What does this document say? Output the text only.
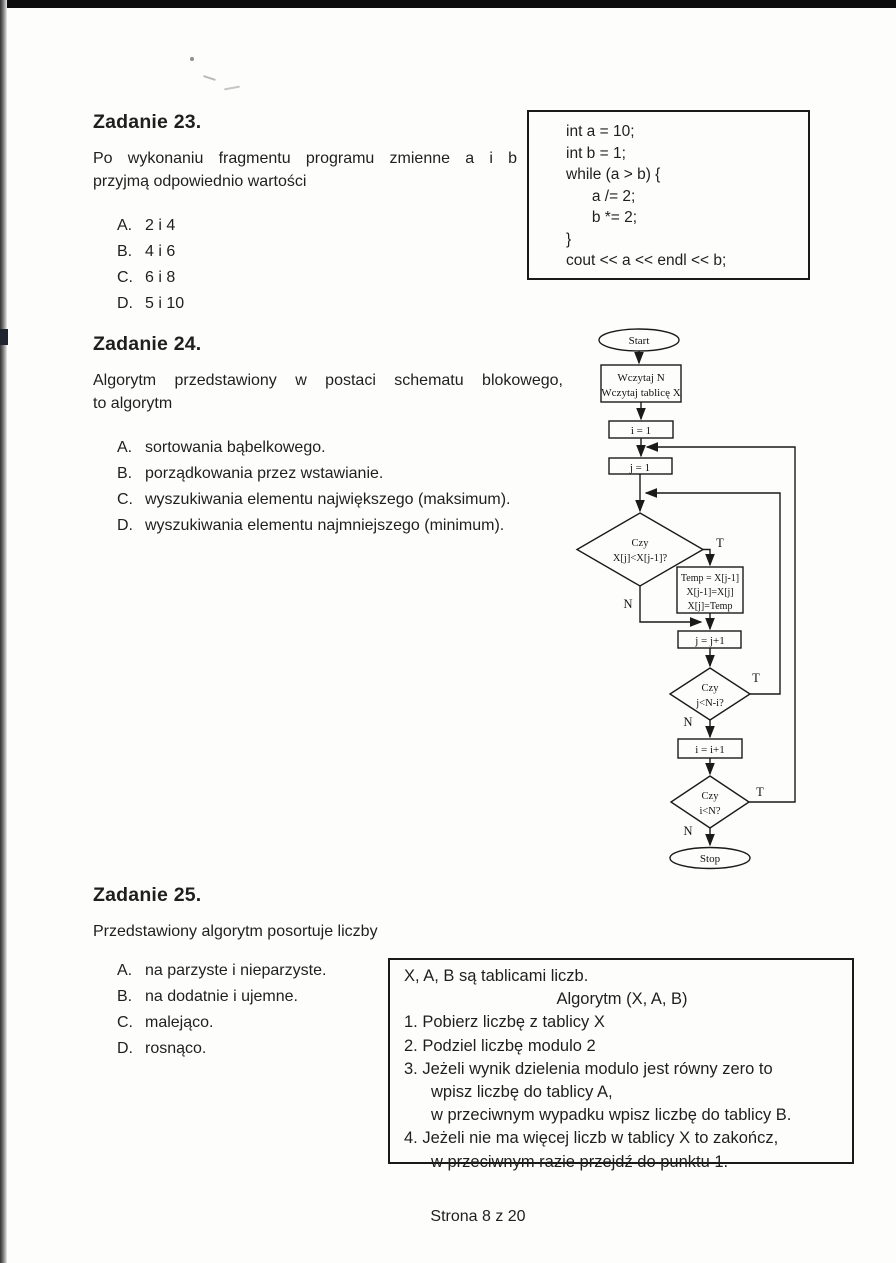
Zadanie 23.
Po wykonaniu fragmentu programu zmienne a i b
przyjmą odpowiednio wartości
A. 2 i 4
B. 4 i 6
C. 6 i 8
D. 5 i 10
int a = 10;
int b = 1;
while (a > b) {
a /= 2;
b *= 2;
}
cout << a << endl << b;
Zadanie 24.
Algorytm przedstawiony w postaci schematu blokowego,
to algorytm
A. sortowania bąbelkowego.
B. porządkowania przez wstawianie.
C. wyszukiwania elementu największego (maksimum).
D. wyszukiwania elementu najmniejszego (minimum).
Start
Wczytaj N
Wczytaj tablicę X
i = 1
j = 1
Czy
X[j]<X[j-1]?
T
N
Temp = X[j-1]
X[j-1]=X[j]
X[j]=Temp
j = j+1
Czy
j<N-i?
T
N
i = i+1
Czy
i<N?
T
N
Stop
Zadanie 25.
Przedstawiony algorytm posortuje liczby
A. na parzyste i nieparzyste.
B. na dodatnie i ujemne.
C. malejąco.
D. rosnąco.
X, A, B są tablicami liczb.
Algorytm (X, A, B)
1. Pobierz liczbę z tablicy X
2. Podziel liczbę modulo 2
3. Jeżeli wynik dzielenia modulo jest równy zero to
wpisz liczbę do tablicy A,
w przeciwnym wypadku wpisz liczbę do tablicy B.
4. Jeżeli nie ma więcej liczb w tablicy X to zakończ,
w przeciwnym razie przejdź do punktu 1.
Strona 8 z 20
